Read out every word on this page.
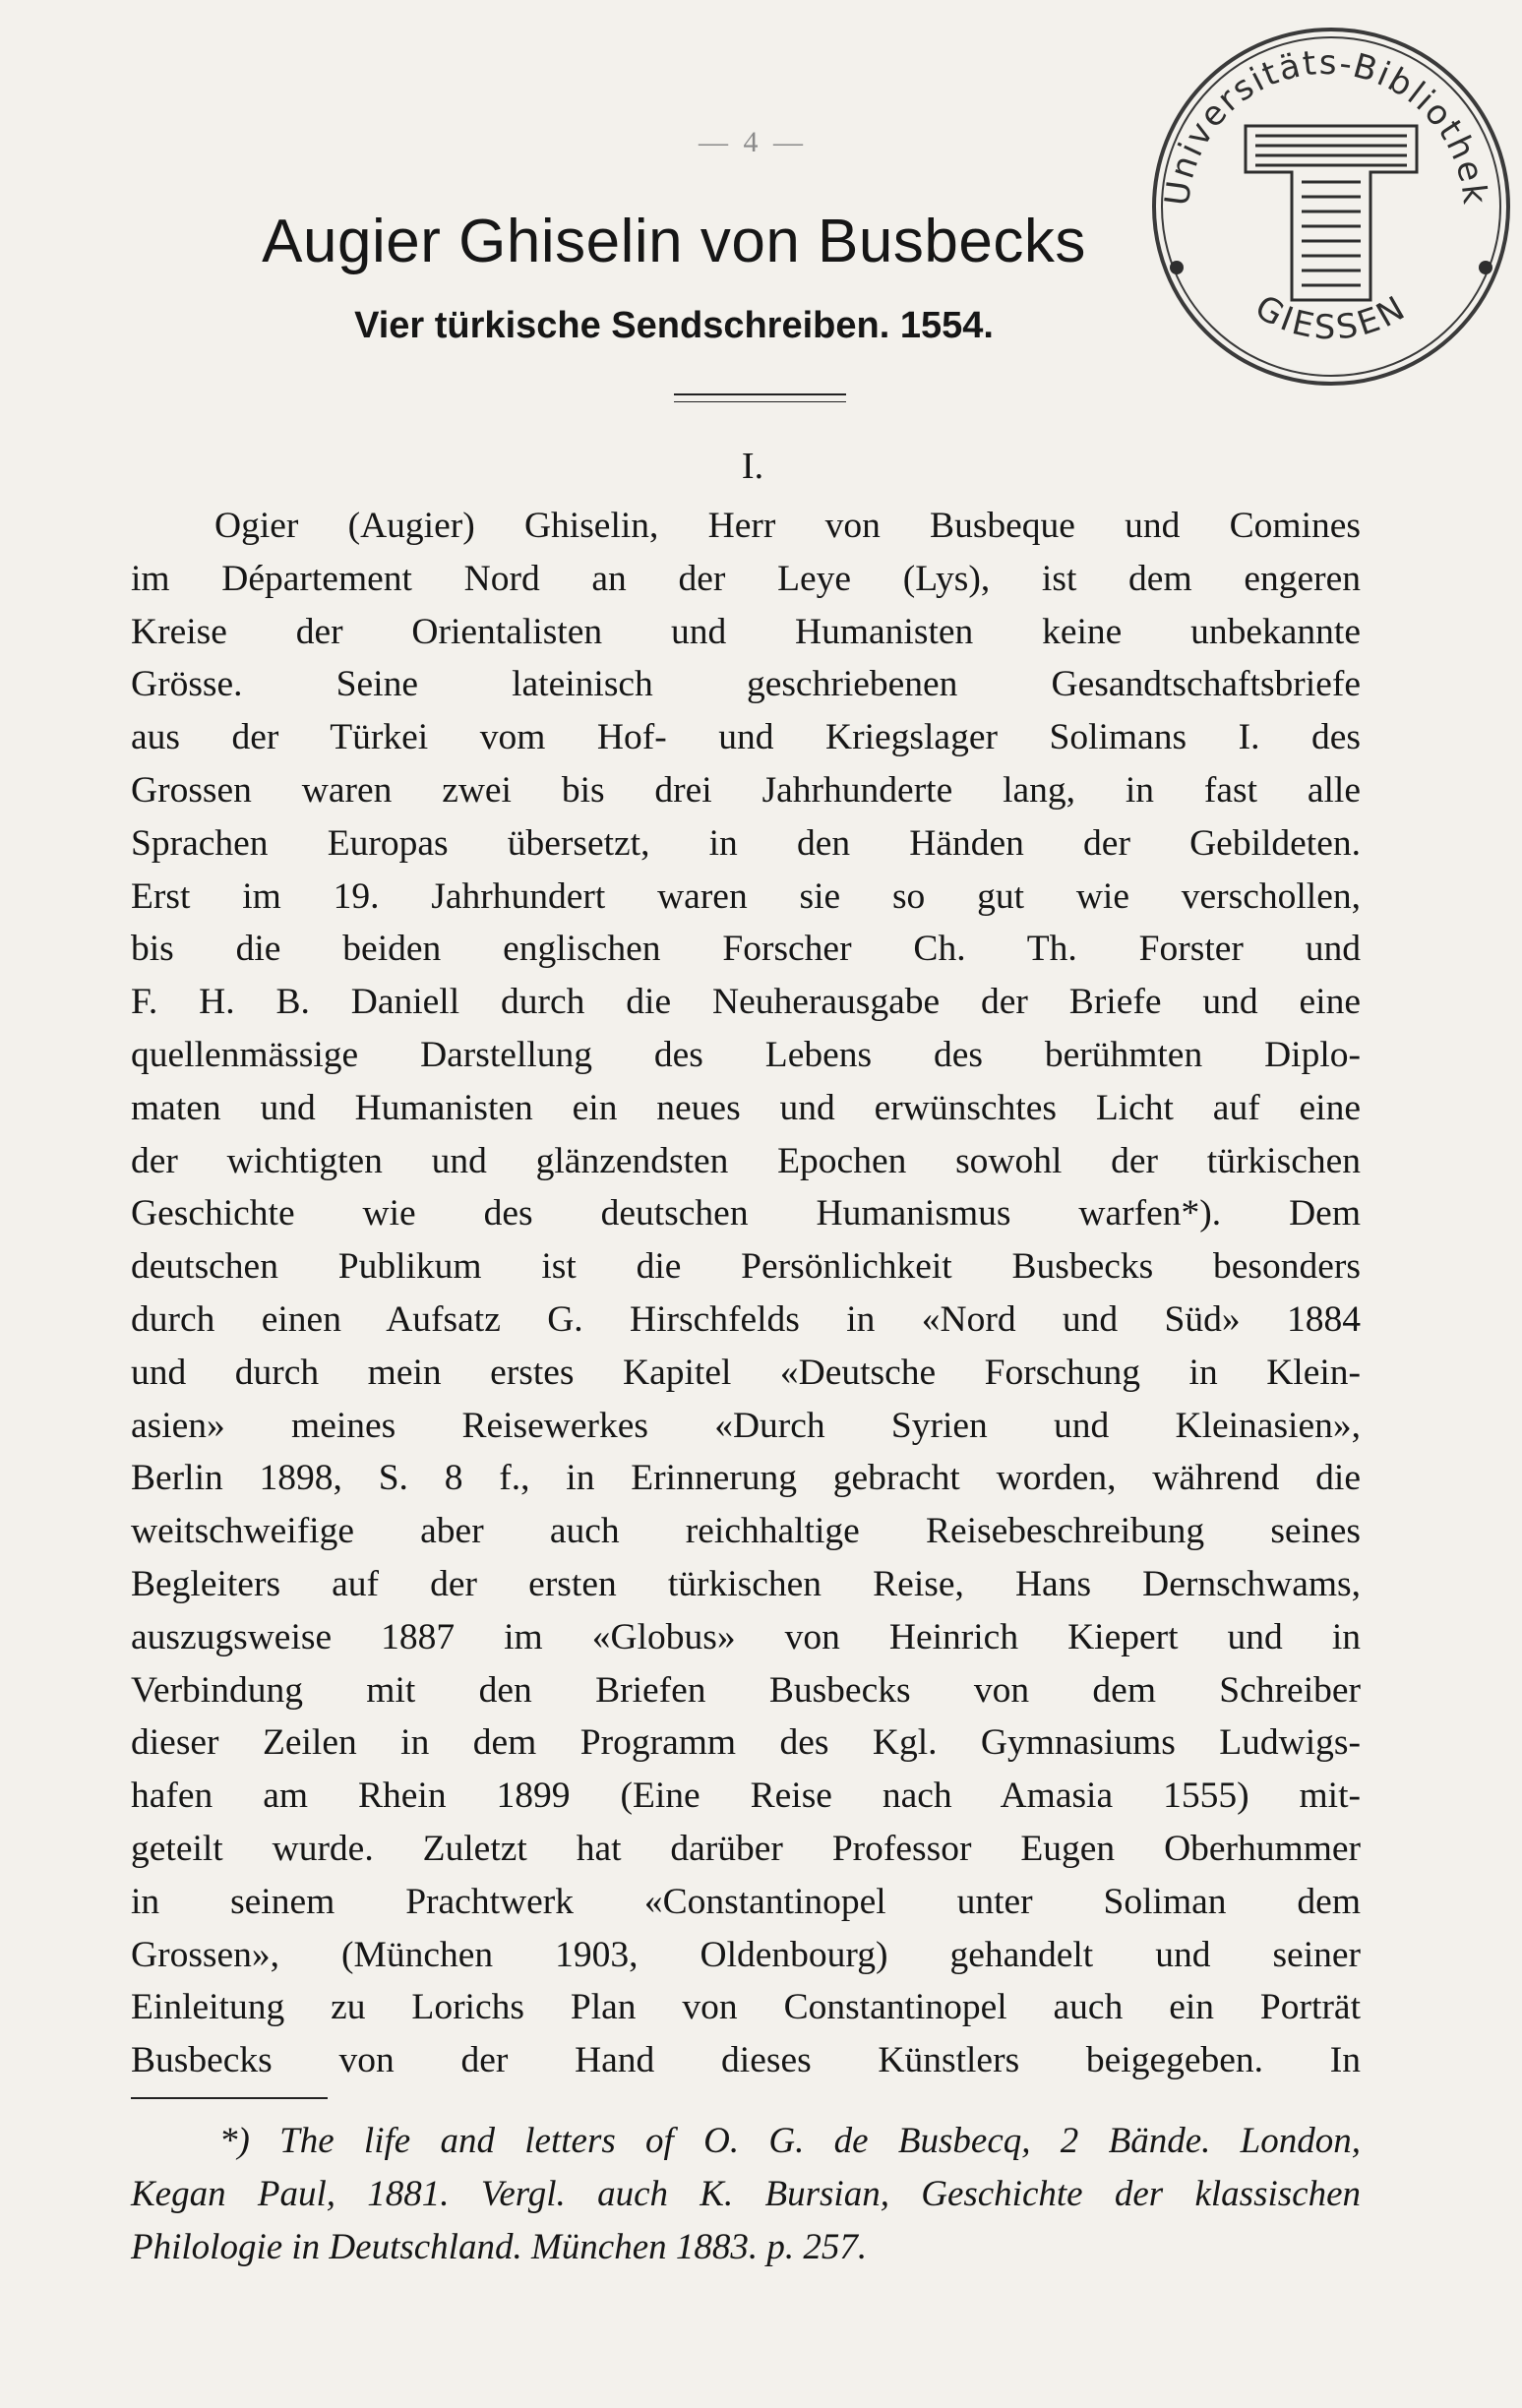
— 4 —
Augier Ghiselin von Busbecks
Vier türkische Sendschreiben. 1554.
I.
Ogier (Augier) Ghiselin, Herr von Busbeque und Comines
im Département Nord an der Leye (Lys), ist dem engeren
Kreise der Orientalisten und Humanisten keine unbekannte
Grösse. Seine lateinisch geschriebenen Gesandtschaftsbriefe
aus der Türkei vom Hof- und Kriegslager Solimans I. des
Grossen waren zwei bis drei Jahrhunderte lang, in fast alle
Sprachen Europas übersetzt, in den Händen der Gebildeten.
Erst im 19. Jahrhundert waren sie so gut wie verschollen,
bis die beiden englischen Forscher Ch. Th. Forster und
F. H. B. Daniell durch die Neuherausgabe der Briefe und eine
quellenmässige Darstellung des Lebens des berühmten Diplo-
maten und Humanisten ein neues und erwünschtes Licht auf eine
der wichtigten und glänzendsten Epochen sowohl der türkischen
Geschichte wie des deutschen Humanismus warfen*). Dem
deutschen Publikum ist die Persönlichkeit Busbecks besonders
durch einen Aufsatz G. Hirschfelds in «Nord und Süd» 1884
und durch mein erstes Kapitel «Deutsche Forschung in Klein-
asien» meines Reisewerkes «Durch Syrien und Kleinasien»,
Berlin 1898, S. 8 f., in Erinnerung gebracht worden, während die
weitschweifige aber auch reichhaltige Reisebeschreibung seines
Begleiters auf der ersten türkischen Reise, Hans Dernschwams,
auszugsweise 1887 im «Globus» von Heinrich Kiepert und in
Verbindung mit den Briefen Busbecks von dem Schreiber
dieser Zeilen in dem Programm des Kgl. Gymnasiums Ludwigs-
hafen am Rhein 1899 (Eine Reise nach Amasia 1555) mit-
geteilt wurde. Zuletzt hat darüber Professor Eugen Oberhummer
in seinem Prachtwerk «Constantinopel unter Soliman dem
Grossen», (München 1903, Oldenbourg) gehandelt und seiner
Einleitung zu Lorichs Plan von Constantinopel auch ein Porträt
Busbecks von der Hand dieses Künstlers beigegeben. In
*) The life and letters of O. G. de Busbecq, 2 Bände. London,
Kegan Paul, 1881. Vergl. auch K. Bursian, Geschichte der klassischen
Philologie in Deutschland. München 1883. p. 257.
Universitäts-Bibliothek
GIESSEN
